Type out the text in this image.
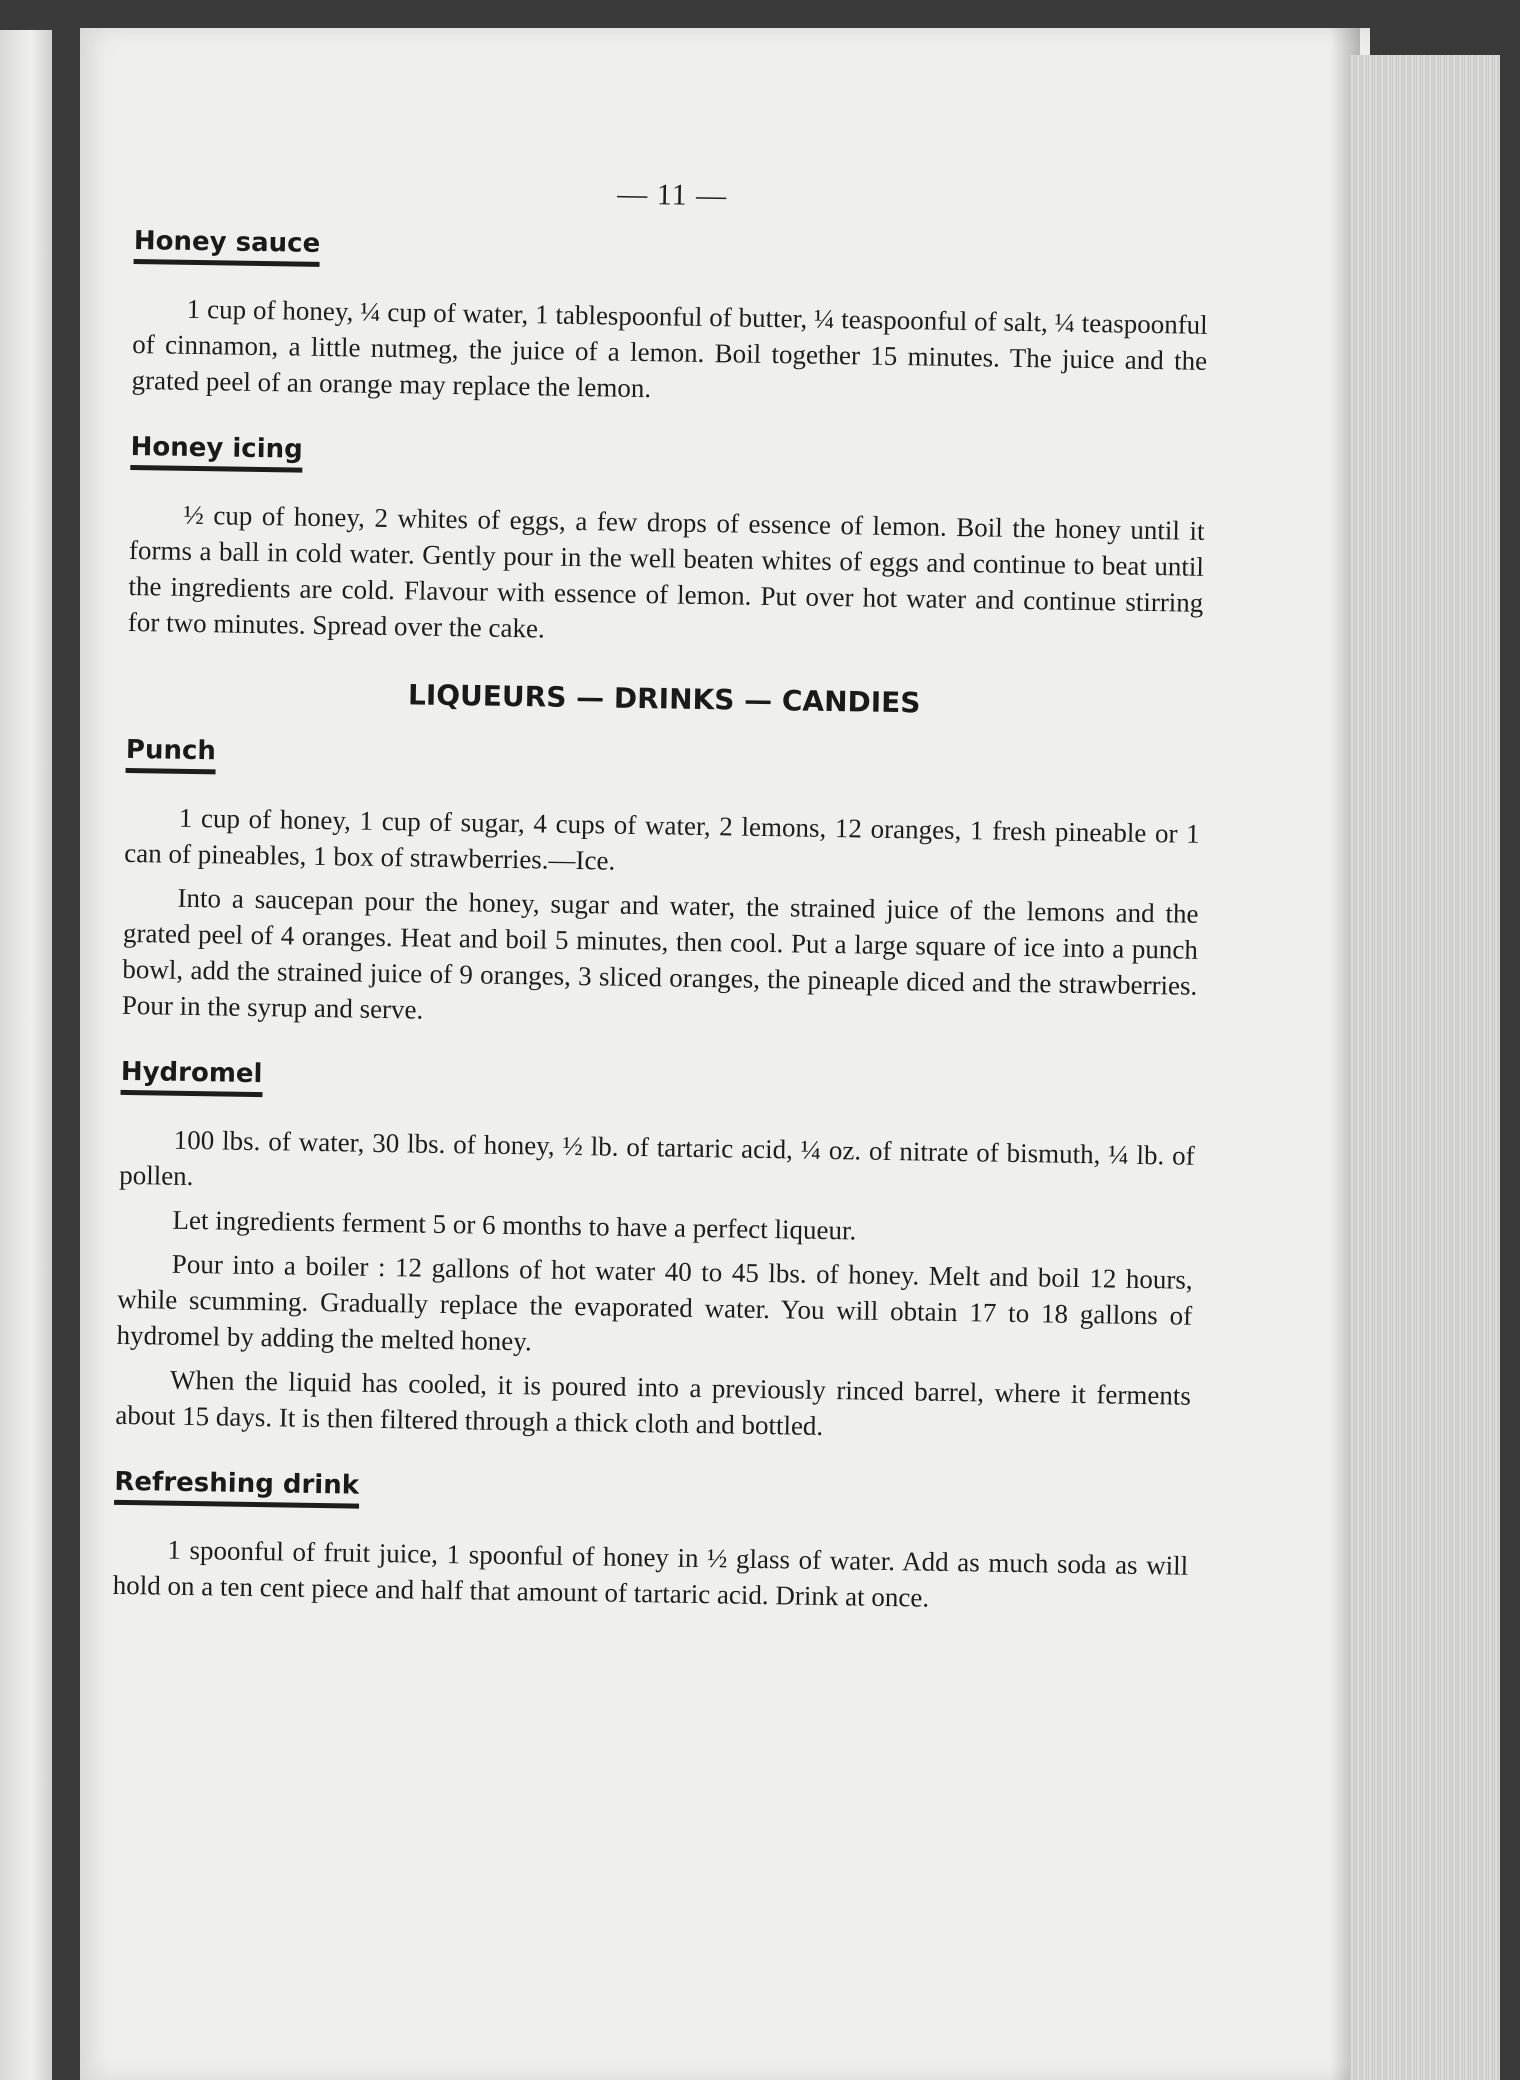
— 11 —
Honey sauce

1 cup of honey, ¼ cup of water, 1 tablespoonful of butter, ¼ teaspoonful of salt, ¼ teaspoonful of cinnamon, a little nutmeg, the juice of a lemon. Boil together 15 minutes. The juice and the grated peel of an orange may replace the lemon.

Honey icing

½ cup of honey, 2 whites of eggs, a few drops of essence of lemon. Boil the honey until it forms a ball in cold water. Gently pour in the well beaten whites of eggs and continue to beat until the ingredients are cold. Flavour with essence of lemon. Put over hot water and continue stirring for two minutes. Spread over the cake.

LIQUEURS — DRINKS — CANDIES
Punch

1 cup of honey, 1 cup of sugar, 4 cups of water, 2 lemons, 12 oranges, 1 fresh pineable or 1 can of pineables, 1 box of strawberries.—Ice.

Into a saucepan pour the honey, sugar and water, the strained juice of the lemons and the grated peel of 4 oranges. Heat and boil 5 minutes, then cool. Put a large square of ice into a punch bowl, add the strained juice of 9 oranges, 3 sliced oranges, the pineaple diced and the strawberries. Pour in the syrup and serve.

Hydromel

100 lbs. of water, 30 lbs. of honey, ½ lb. of tartaric acid, ¼ oz. of nitrate of bismuth, ¼ lb. of pollen.

Let ingredients ferment 5 or 6 months to have a perfect liqueur.

Pour into a boiler : 12 gallons of hot water 40 to 45 lbs. of honey. Melt and boil 12 hours, while scumming. Gradually replace the evaporated water. You will obtain 17 to 18 gallons of hydromel by adding the melted honey.

When the liquid has cooled, it is poured into a previously rinced barrel, where it ferments about 15 days. It is then filtered through a thick cloth and bottled.

Refreshing drink

1 spoonful of fruit juice, 1 spoonful of honey in ½ glass of water. Add as much soda as will hold on a ten cent piece and half that amount of tartaric acid. Drink at once.
